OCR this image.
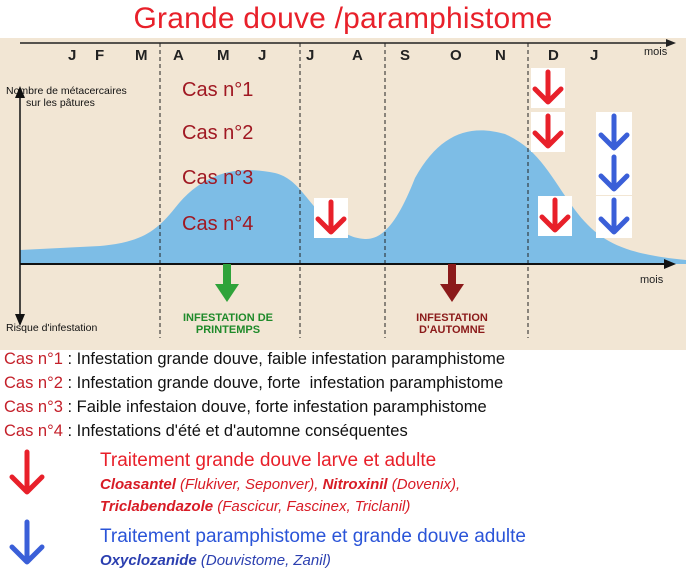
Grande douve /paramphistome
J F M A M J	J	A S	O N	D J
Nombre de métacercaires
sur les pâtures
Risque d'infestation
mois
mois
Cas n°1
Cas n°2
Cas n°3
Cas n°4
INFESTATION DE
PRINTEMPS
INFESTATION
D'AUTOMNE
Cas n°1 : Infestation grande douve, faible infestation paramphistome
Cas n°2 : Infestation grande douve, forte  infestation paramphistome
Cas n°3 : Faible infestaion douve, forte infestation paramphistome
Cas n°4 : Infestations d'été et d'automne conséquentes
Traitement grande douve larve et adulte
Cloasantel (Flukiver, Seponver), Nitroxinil (Dovenix),
Triclabendazole (Fascicur, Fascinex, Triclanil)
Traitement paramphistome et grande douve adulte
Oxyclozanide (Douvistome, Zanil)
